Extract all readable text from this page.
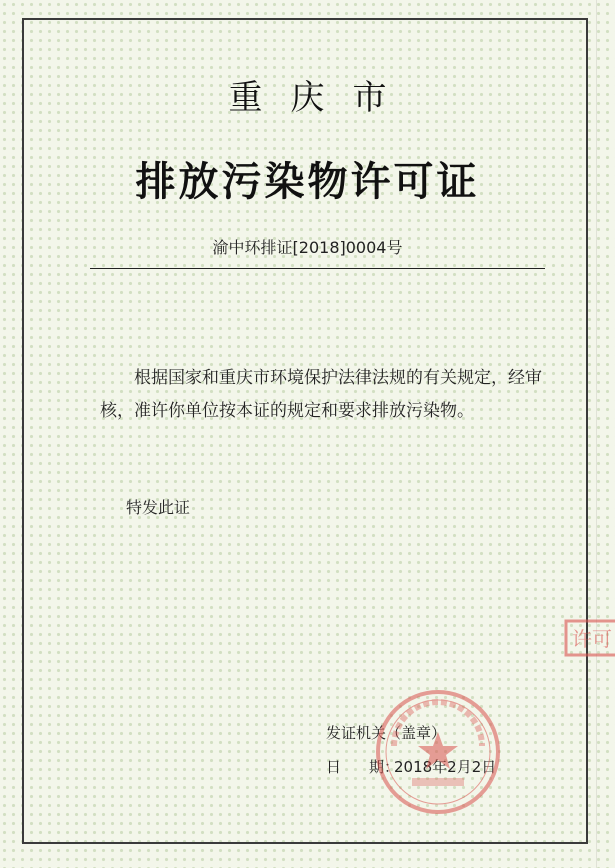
重庆市
排放污染物许可证
渝中环排证[2018]0004号
根据国家和重庆市环境保护法律法规的有关规定，经审核，准许你单位按本证的规定和要求排放污染物。
特发此证
发证机关（盖章）
日 期：2018年2月2日
许可
